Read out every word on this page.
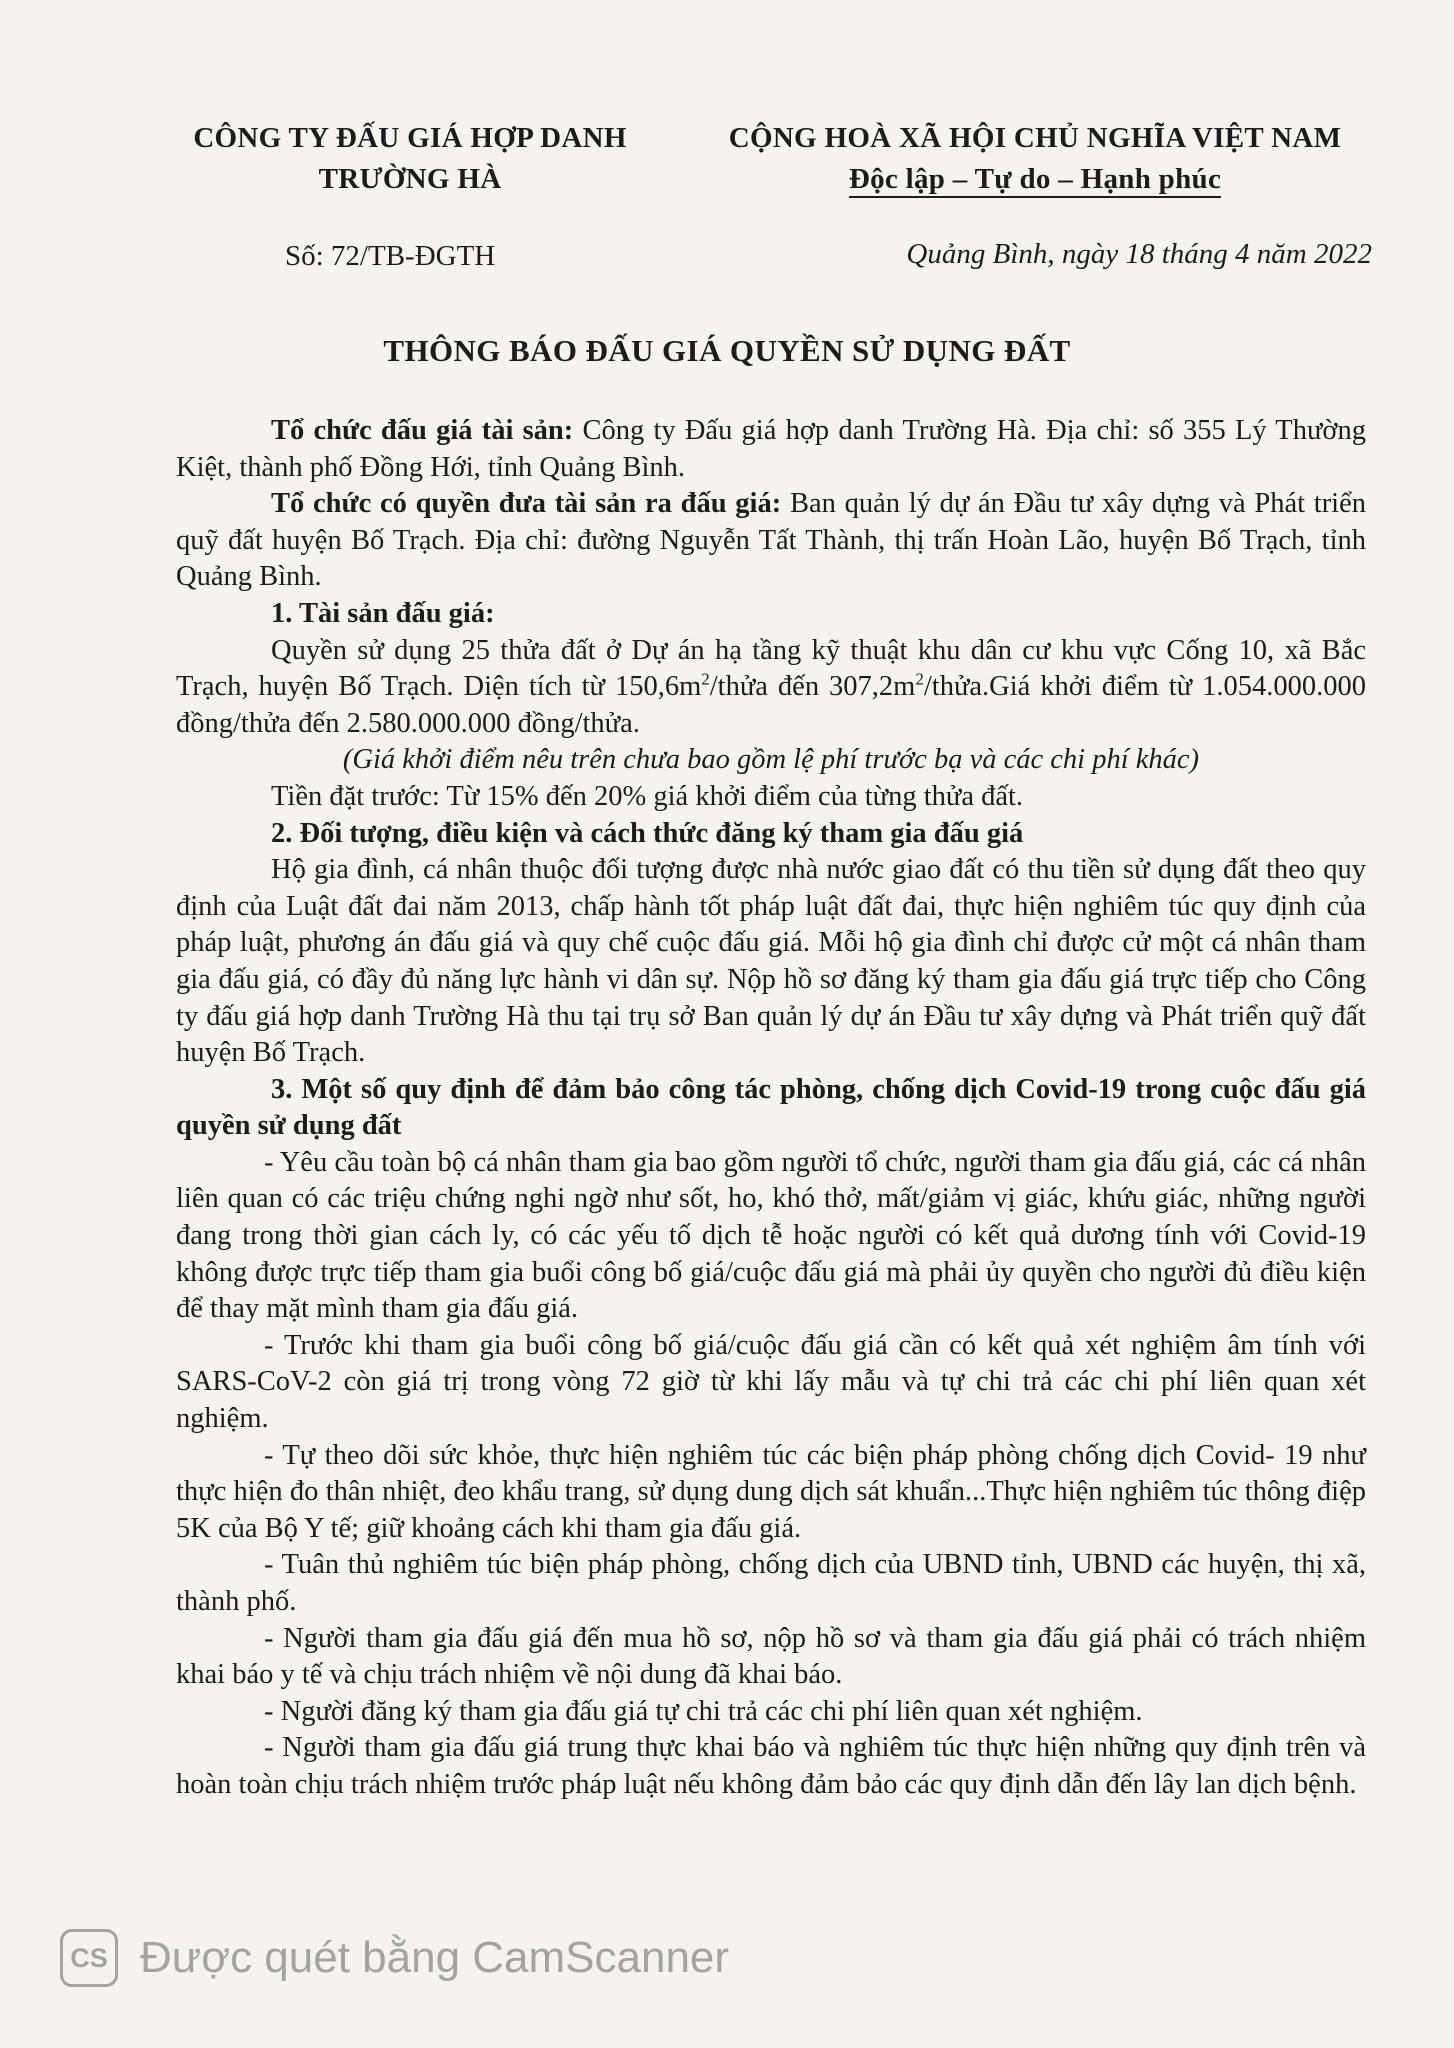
CÔNG TY ĐẤU GIÁ HỢP DANH
TRƯỜNG HÀ
CỘNG HOÀ XÃ HỘI CHỦ NGHĨA VIỆT NAM
Độc lập – Tự do – Hạnh phúc
Số: 72/TB-ĐGTH	Quảng Bình, ngày 18 tháng 4 năm 2022
THÔNG BÁO ĐẤU GIÁ QUYỀN SỬ DỤNG ĐẤT

Tổ chức đấu giá tài sản: Công ty Đấu giá hợp danh Trường Hà. Địa chỉ: số 355 Lý Thường Kiệt, thành phố Đồng Hới, tỉnh Quảng Bình.

Tổ chức có quyền đưa tài sản ra đấu giá: Ban quản lý dự án Đầu tư xây dựng và Phát triển quỹ đất huyện Bố Trạch. Địa chỉ: đường Nguyễn Tất Thành, thị trấn Hoàn Lão, huyện Bố Trạch, tỉnh Quảng Bình.

1. Tài sản đấu giá:

Quyền sử dụng 25 thửa đất ở Dự án hạ tầng kỹ thuật khu dân cư khu vực Cống 10, xã Bắc Trạch, huyện Bố Trạch. Diện tích từ $150,6m^2$/thửa đến $307,2m^2/thửa.Giá$ khởi điểm từ 1.054.000.000 đồng/thửa đến 2.580.000.000 đồng/thửa.

(Giá khởi điểm nêu trên chưa bao gồm lệ phí trước bạ và các chi phí khác)

Tiền đặt trước: Từ 15% đến 20% giá khởi điểm của từng thửa đất.

2. Đối tượng, điều kiện và cách thức đăng ký tham gia đấu giá

Hộ gia đình, cá nhân thuộc đối tượng được nhà nước giao đất có thu tiền sử dụng đất theo quy định của Luật đất đai năm 2013, chấp hành tốt pháp luật đất đai, thực hiện nghiêm túc quy định của pháp luật, phương án đấu giá và quy chế cuộc đấu giá. Mỗi hộ gia đình chỉ được cử một cá nhân tham gia đấu giá, có đầy đủ năng lực hành vi dân sự. Nộp hồ sơ đăng ký tham gia đấu giá trực tiếp cho Công ty đấu giá hợp danh Trường Hà thu tại trụ sở Ban quản lý dự án Đầu tư xây dựng và Phát triển quỹ đất huyện Bố Trạch.

3. Một số quy định để đảm bảo công tác phòng, chống dịch Covid-19 trong cuộc đấu giá quyền sử dụng đất

- Yêu cầu toàn bộ cá nhân tham gia bao gồm người tổ chức, người tham gia đấu giá, các cá nhân liên quan có các triệu chứng nghi ngờ như sốt, ho, khó thở, mất/giảm vị giác, khứu giác, những người đang trong thời gian cách ly, có các yếu tố dịch tễ hoặc người có kết quả dương tính với Covid-19 không được trực tiếp tham gia buổi công bố giá/cuộc đấu giá mà phải ủy quyền cho người đủ điều kiện để thay mặt mình tham gia đấu giá.

- Trước khi tham gia buổi công bố giá/cuộc đấu giá cần có kết quả xét nghiệm âm tính với SARS-CoV-2 còn giá trị trong vòng 72 giờ từ khi lấy mẫu và tự chi trả các chi phí liên quan xét nghiệm.

- Tự theo dõi sức khỏe, thực hiện nghiêm túc các biện pháp phòng chống dịch Covid- 19 như thực hiện đo thân nhiệt, đeo khẩu trang, sử dụng dung dịch sát khuẩn...Thực hiện nghiêm túc thông điệp 5K của Bộ Y tế; giữ khoảng cách khi tham gia đấu giá.

- Tuân thủ nghiêm túc biện pháp phòng, chống dịch của UBND tỉnh, UBND các huyện, thị xã, thành phố.

- Người tham gia đấu giá đến mua hồ sơ, nộp hồ sơ và tham gia đấu giá phải có trách nhiệm khai báo y tế và chịu trách nhiệm về nội dung đã khai báo.

- Người đăng ký tham gia đấu giá tự chi trả các chi phí liên quan xét nghiệm.

- Người tham gia đấu giá trung thực khai báo và nghiêm túc thực hiện những quy định trên và hoàn toàn chịu trách nhiệm trước pháp luật nếu không đảm bảo các quy định dẫn đến lây lan dịch bệnh.

CS Được quét bằng CamScanner
